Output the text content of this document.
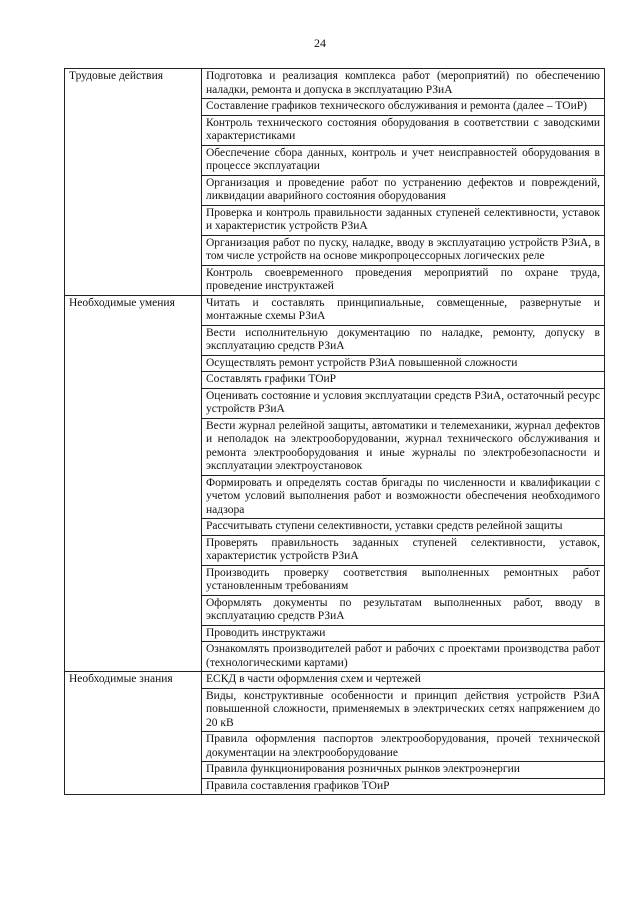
24
Трудовые действия	Подготовка и реализация комплекса работ (мероприятий) по обеспечению наладки, ремонта и допуска в эксплуатацию РЗиА
	Составление графиков технического обслуживания и ремонта (далее – ТОиР)
	Контроль технического состояния оборудования в соответствии с заводскими характеристиками
	Обеспечение сбора данных, контроль и учет неисправностей оборудования в процессе эксплуатации
	Организация и проведение работ по устранению дефектов и повреждений, ликвидации аварийного состояния оборудования
	Проверка и контроль правильности заданных ступеней селективности, уставок и характеристик устройств РЗиА
	Организация работ по пуску, наладке, вводу в эксплуатацию устройств РЗиА, в том числе устройств на основе микропроцессорных логических реле
	Контроль своевременного проведения мероприятий по охране труда, проведение инструктажей
Необходимые умения	Читать и составлять принципиальные, совмещенные, развернутые и монтажные схемы РЗиА
	Вести исполнительную документацию по наладке, ремонту, допуску в эксплуатацию средств РЗиА
	Осуществлять ремонт устройств РЗиА повышенной сложности
	Составлять графики ТОиР
	Оценивать состояние и условия эксплуатации средств РЗиА, остаточный ресурс устройств РЗиА
	Вести журнал релейной защиты, автоматики и телемеханики, журнал дефектов и неполадок на электрооборудовании, журнал технического обслуживания и ремонта электрооборудования и иные журналы по электробезопасности и эксплуатации электроустановок
	Формировать и определять состав бригады по численности и квалификации с учетом условий выполнения работ и возможности обеспечения необходимого надзора
	Рассчитывать ступени селективности, уставки средств релейной защиты
	Проверять правильность заданных ступеней селективности, уставок, характеристик устройств РЗиА
	Производить проверку соответствия выполненных ремонтных работ установленным требованиям
	Оформлять документы по результатам выполненных работ, вводу в эксплуатацию средств РЗиА
	Проводить инструктажи
	Ознакомлять производителей работ и рабочих с проектами производства работ (технологическими картами)
Необходимые знания	ЕСКД в части оформления схем и чертежей
	Виды, конструктивные особенности и принцип действия устройств РЗиА повышенной сложности, применяемых в электрических сетях напряжением до 20 кВ
	Правила оформления паспортов электрооборудования, прочей технической документации на электрооборудование
	Правила функционирования розничных рынков электроэнергии
	Правила составления графиков ТОиР
